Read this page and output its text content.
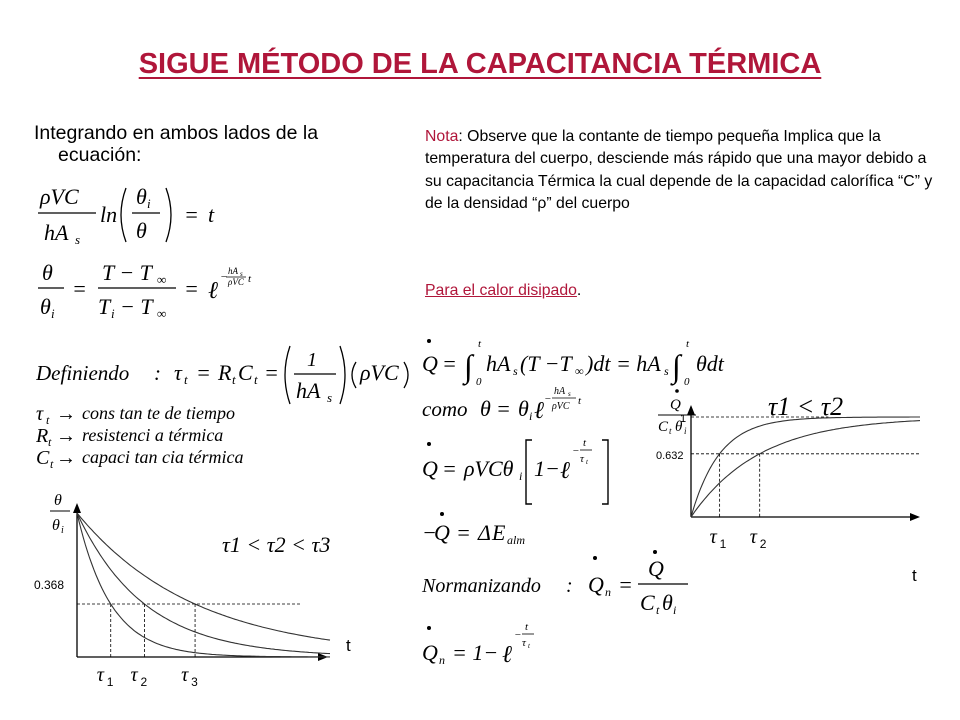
SIGUE MÉTODO DE LA CAPACITANCIA TÉRMICA
Integrando en ambos lados de la
ecuación:
Nota: Observe que la contante de tiempo pequeña Implica que la temperatura del cuerpo, desciende más rápido que una mayor debido a su capacitancia Térmica la cual depende de la capacidad calorífica “C” y de la densidad “ρ” del cuerpo
Para el calor disipado.
ρVC
hA s
ln
θ i
θ
= t
θ
θ i
=
T − T ∞
T i − T ∞
= ℓ
− hA s
ρVC t
Definiendo : τ t = R t C t = 1
hA s
ρVC
τ t → cons tan te de tiempo
R t → resistenci a térmica
C t → capaci tan cia térmica
Q = ∫
t
0
hA s (T −T ∞ )dt = hA s ∫
t
0
θdt
como θ = θ i ℓ −
hA s
ρVC t
Q = ρVCθ i 1− ℓ
−
t
τ t
−
Q = Δ E alm
Normanizando : Q n =
Q
C t θ i
Q n = 1− ℓ
−
t
τ t
θ
θ i
0.368
τ 1 τ 2 τ 3
τ1 < τ2 < τ3
t
Q
C t θ i
1
0.632
τ 1 τ 2
τ1 < τ2
t
